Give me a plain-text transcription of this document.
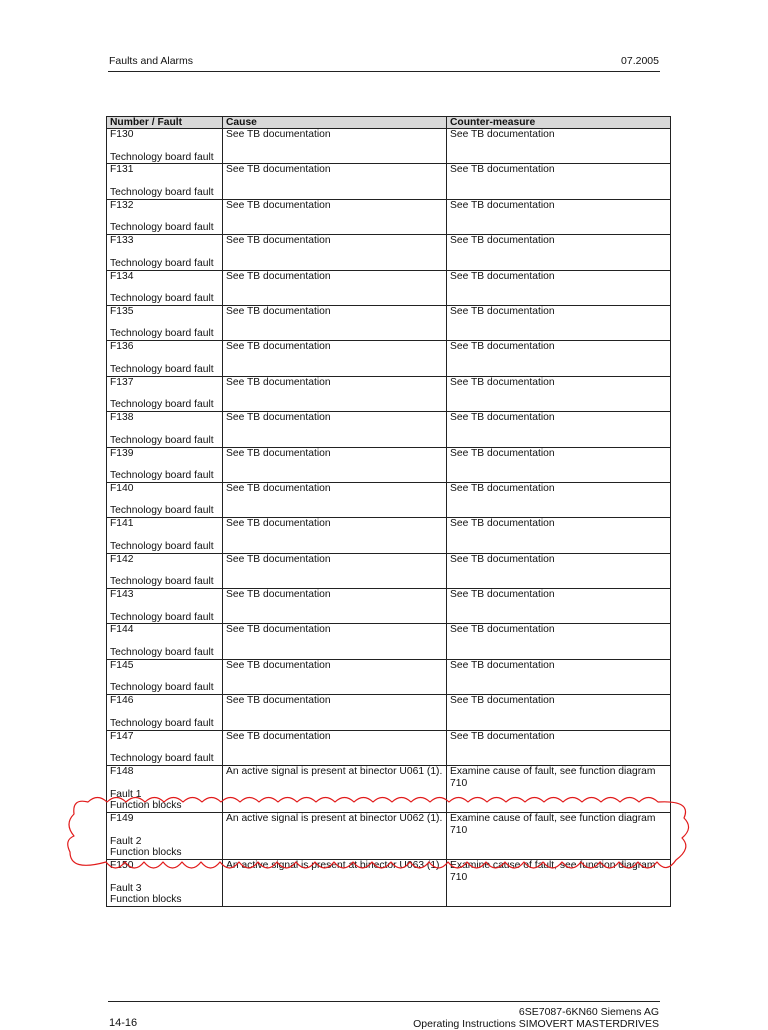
Faults and Alarms	07.2005
Number / Fault	Cause	Counter-measure

F130
Technology board fault	See TB documentation	See TB documentation

F131
Technology board fault	See TB documentation	See TB documentation

F132
Technology board fault	See TB documentation	See TB documentation

F133
Technology board fault	See TB documentation	See TB documentation

F134
Technology board fault	See TB documentation	See TB documentation

F135
Technology board fault	See TB documentation	See TB documentation

F136
Technology board fault	See TB documentation	See TB documentation

F137
Technology board fault	See TB documentation	See TB documentation

F138
Technology board fault	See TB documentation	See TB documentation

F139
Technology board fault	See TB documentation	See TB documentation

F140
Technology board fault	See TB documentation	See TB documentation

F141
Technology board fault	See TB documentation	See TB documentation

F142
Technology board fault	See TB documentation	See TB documentation

F143
Technology board fault	See TB documentation	See TB documentation

F144
Technology board fault	See TB documentation	See TB documentation

F145
Technology board fault	See TB documentation	See TB documentation

F146
Technology board fault	See TB documentation	See TB documentation

F147
Technology board fault	See TB documentation	See TB documentation

F148
Fault 1
Function blocks	An active signal is present at binector U061 (1).	Examine cause of fault, see function diagram 710

F149
Fault 2
Function blocks	An active signal is present at binector U062 (1).	Examine cause of fault, see function diagram 710

F150
Fault 3
Function blocks	An active signal is present at binector U063 (1).	Examine cause of fault, see function diagram 710
6SE7087-6KN60 Siemens AG
14-16	Operating Instructions SIMOVERT MASTERDRIVES
